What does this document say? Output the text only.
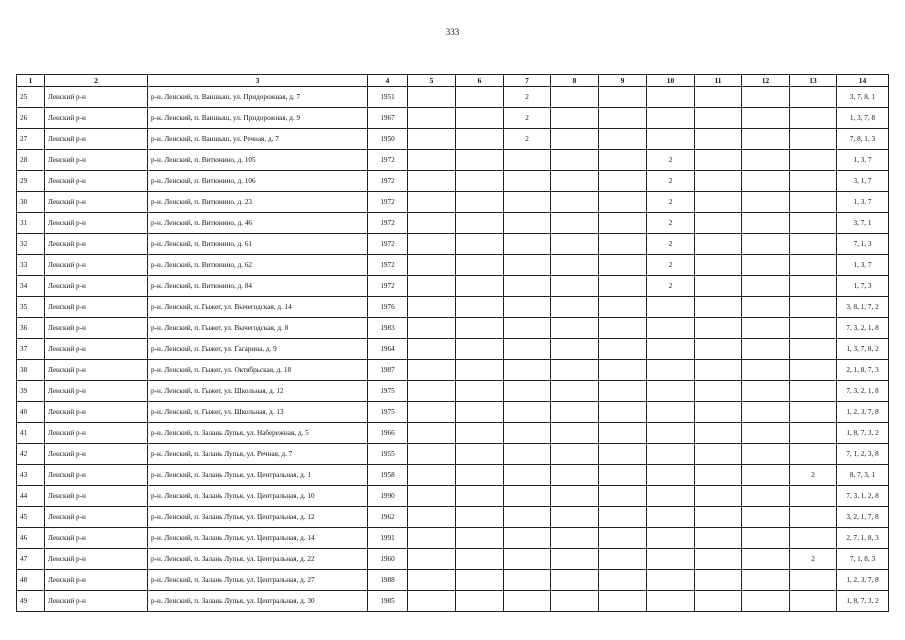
333
1	2	3	4	5	6	7	8	9	10	11	12	13	14
25	Ленский р-н	р-н. Ленский, п. Ваншыш, ул. Придорожная, д. 7	1951			2							3, 7, 8, 1
26	Ленский р-н	р-н. Ленский, п. Ваншыш, ул. Придорожная, д. 9	1967			2							1, 3, 7, 8
27	Ленский р-н	р-н. Ленский, п. Ваншыш, ул. Речная, д. 7	1950			2							7, 8, 1, 3
28	Ленский р-н	р-н. Ленский, п. Витюнино, д. 105	1972						2				1, 3, 7
29	Ленский р-н	р-н. Ленский, п. Витюнино, д. 106	1972						2				3, 1, 7
30	Ленский р-н	р-н. Ленский, п. Витюнино, д. 23	1972						2				1, 3, 7
31	Ленский р-н	р-н. Ленский, п. Витюнино, д. 46	1972						2				3, 7, 1
32	Ленский р-н	р-н. Ленский, п. Витюнино, д. 61	1972						2				7, 1, 3
33	Ленский р-н	р-н. Ленский, п. Витюнино, д. 62	1972						2				1, 3, 7
34	Ленский р-н	р-н. Ленский, п. Витюнино, д. 84	1972						2				1, 7, 3
35	Ленский р-н	р-н. Ленский, п. Гыжег, ул. Вычегодская, д. 14	1976										3, 8, 1, 7, 2
36	Ленский р-н	р-н. Ленский, п. Гыжег, ул. Вычегодская, д. 8	1983										7, 3, 2, 1, 8
37	Ленский р-н	р-н. Ленский, п. Гыжег, ул. Гагарина, д. 9	1964										1, 3, 7, 8, 2
38	Ленский р-н	р-н. Ленский, п. Гыжег, ул. Октябрьская, д. 18	1987										2, 1, 8, 7, 3
39	Ленский р-н	р-н. Ленский, п. Гыжег, ул. Школьная, д. 12	1975										7, 3, 2, 1, 8
40	Ленский р-н	р-н. Ленский, п. Гыжег, ул. Школьная, д. 13	1975										1, 2, 3, 7, 8
41	Ленский р-н	р-н. Ленский, п. Залань Лупья, ул. Набережная, д. 5	1966										1, 8, 7, 3, 2
42	Ленский р-н	р-н. Ленский, п. Залань Лупья, ул. Речная, д. 7	1955										7, 1, 2, 3, 8
43	Ленский р-н	р-н. Ленский, п. Залань Лупья, ул. Центральная, д. 1	1958									2	8, 7, 3, 1
44	Ленский р-н	р-н. Ленский, п. Залань Лупья, ул. Центральная, д. 10	1990										7, 3, 1, 2, 8
45	Ленский р-н	р-н. Ленский, п. Залань Лупья, ул. Центральная, д. 12	1962										3, 2, 1, 7, 8
46	Ленский р-н	р-н. Ленский, п. Залань Лупья, ул. Центральная, д. 14	1991										2, 7, 1, 8, 3
47	Ленский р-н	р-н. Ленский, п. Залань Лупья, ул. Центральная, д. 22	1960									2	7, 1, 8, 3
48	Ленский р-н	р-н. Ленский, п. Залань Лупья, ул. Центральная, д. 27	1988										1, 2, 3, 7, 8
49	Ленский р-н	р-н. Ленский, п. Залань Лупья, ул. Центральная, д. 30	1985										1, 8, 7, 3, 2
